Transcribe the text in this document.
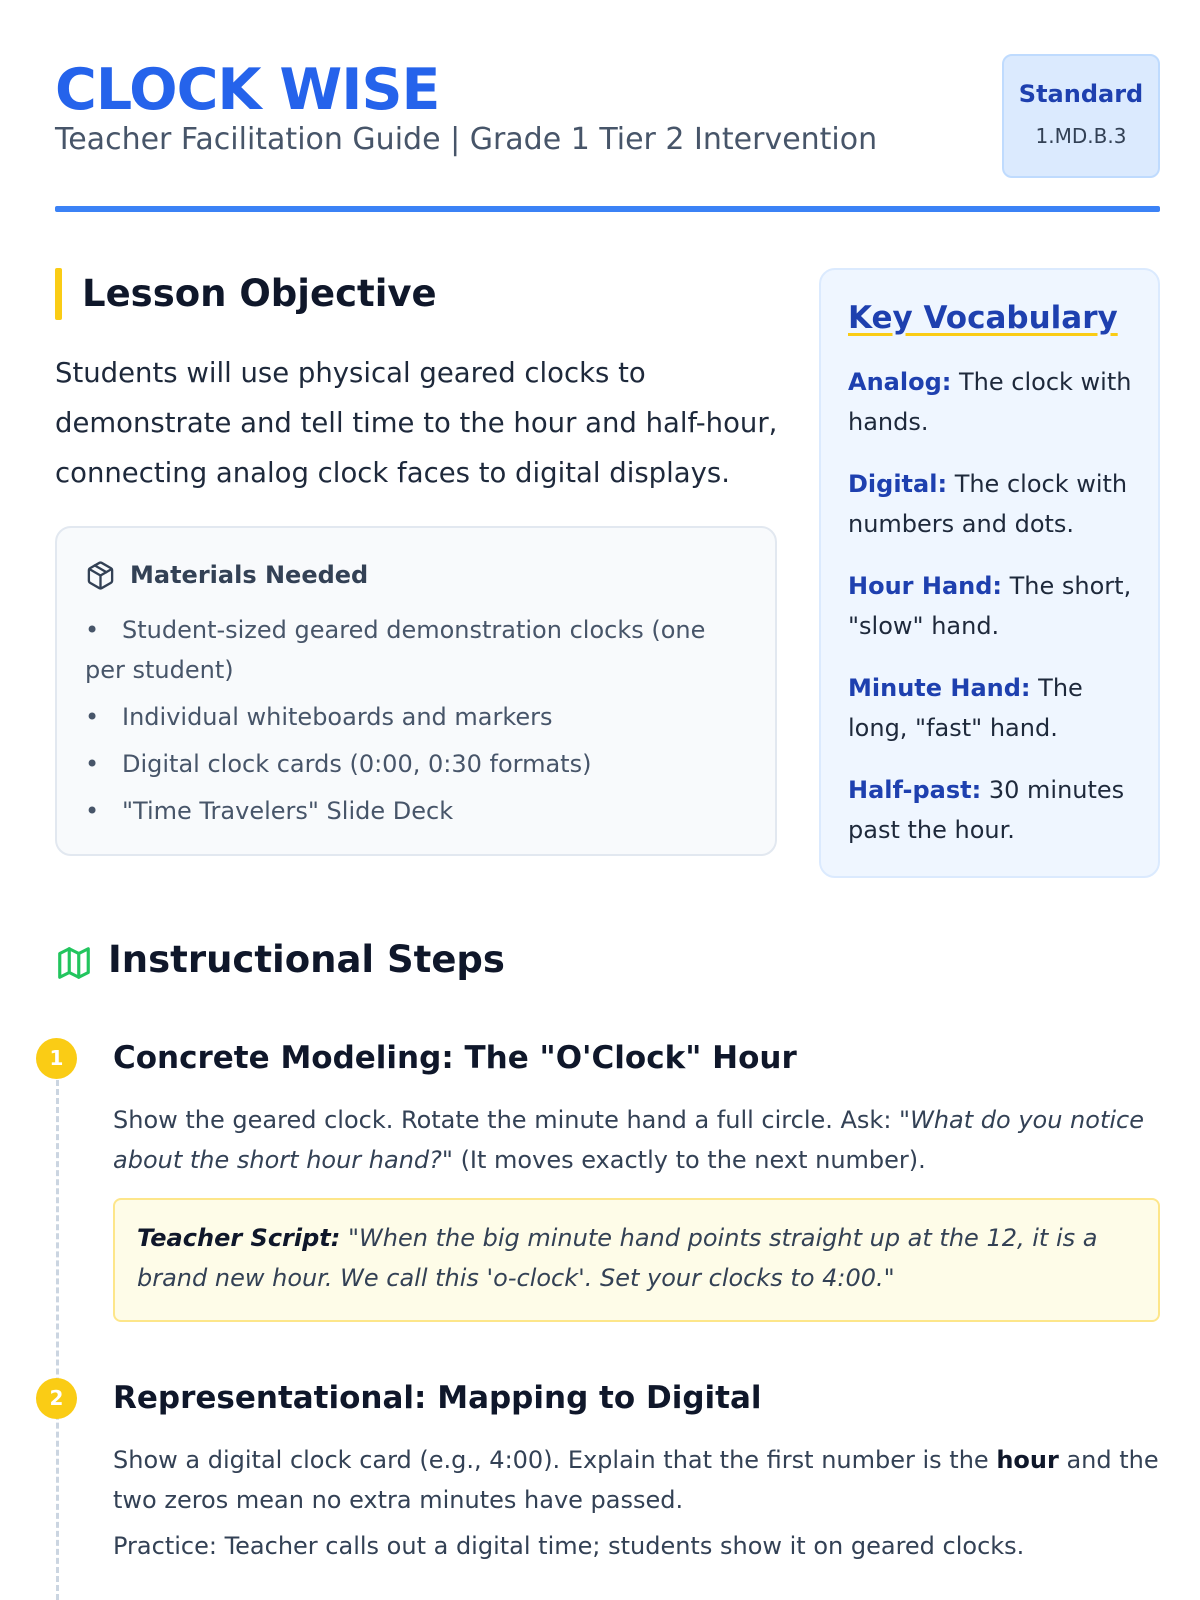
CLOCK WISE
Teacher Facilitation Guide | Grade 1 Tier 2 Intervention
Standard
1.MD.B.3
Lesson Objective
Students will use physical geared clocks to demonstrate and tell time to the hour and half-hour, connecting analog clock faces to digital displays.
Materials Needed
• Student-sized geared demonstration clocks (one per student)
• Individual whiteboards and markers
• Digital clock cards (0:00, 0:30 formats)
• "Time Travelers" Slide Deck
Key Vocabulary
Analog: The clock with hands.
Digital: The clock with numbers and dots.
Hour Hand: The short, "slow" hand.
Minute Hand: The long, "fast" hand.
Half-past: 30 minutes past the hour.
Instructional Steps
1	Concrete Modeling: The "O'Clock" Hour
Show the geared clock. Rotate the minute hand a full circle. Ask: "What do you notice about the short hour hand?" (It moves exactly to the next number).
Teacher Script: "When the big minute hand points straight up at the 12, it is a brand new hour. We call this 'o-clock'. Set your clocks to 4:00."
2	Representational: Mapping to Digital
Show a digital clock card (e.g., 4:00). Explain that the first number is the hour and the two zeros mean no extra minutes have passed.
Practice: Teacher calls out a digital time; students show it on geared clocks.
